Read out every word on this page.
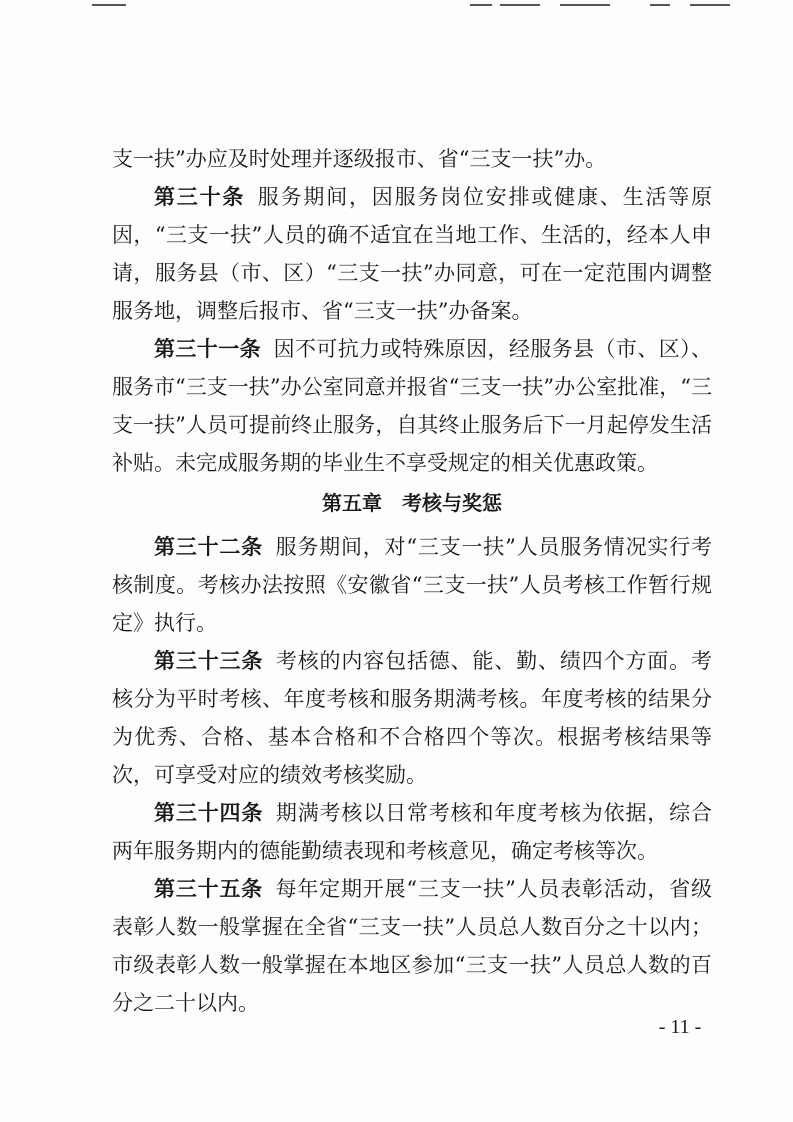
支一扶”办应及时处理并逐级报市、省“三支一扶”办。

第三十条 服务期间，因服务岗位安排或健康、生活等原因，“三支一扶”人员的确不适宜在当地工作、生活的，经本人申请，服务县（市、区）“三支一扶”办同意，可在一定范围内调整服务地，调整后报市、省“三支一扶”办备案。

第三十一条 因不可抗力或特殊原因，经服务县（市、区）、服务市“三支一扶”办公室同意并报省“三支一扶”办公室批准，“三支一扶”人员可提前终止服务，自其终止服务后下一月起停发生活补贴。未完成服务期的毕业生不享受规定的相关优惠政策。

第五章　考核与奖惩

第三十二条 服务期间，对“三支一扶”人员服务情况实行考核制度。考核办法按照《安徽省“三支一扶”人员考核工作暂行规定》执行。

第三十三条 考核的内容包括德、能、勤、绩四个方面。考核分为平时考核、年度考核和服务期满考核。年度考核的结果分为优秀、合格、基本合格和不合格四个等次。根据考核结果等次，可享受对应的绩效考核奖励。

第三十四条 期满考核以日常考核和年度考核为依据，综合两年服务期内的德能勤绩表现和考核意见，确定考核等次。

第三十五条 每年定期开展“三支一扶”人员表彰活动，省级表彰人数一般掌握在全省“三支一扶”人员总人数百分之十以内；市级表彰人数一般掌握在本地区参加“三支一扶”人员总人数的百分之二十以内。

- 11 -
